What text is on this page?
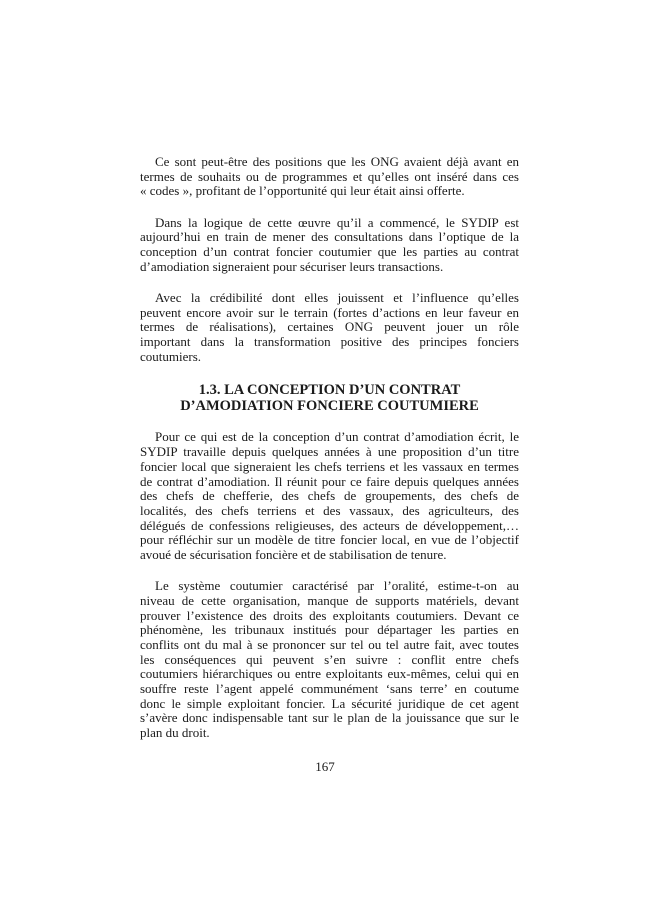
Ce sont peut-être des positions que les ONG avaient déjà avant en
termes de souhaits ou de programmes et qu’elles ont inséré dans ces
« codes », profitant de l’opportunité qui leur était ainsi offerte.

Dans la logique de cette œuvre qu’il a commencé, le SYDIP est
aujourd’hui en train de mener des consultations dans l’optique de la
conception d’un contrat foncier coutumier que les parties au contrat
d’amodiation signeraient pour sécuriser leurs transactions.

Avec la crédibilité dont elles jouissent et l’influence qu’elles
peuvent encore avoir sur le terrain (fortes d’actions en leur faveur en
termes de réalisations), certaines ONG peuvent jouer un rôle
important dans la transformation positive des principes fonciers
coutumiers.

1.3. LA CONCEPTION D’UN CONTRAT
D’AMODIATION FONCIERE COUTUMIERE

Pour ce qui est de la conception d’un contrat d’amodiation écrit, le
SYDIP travaille depuis quelques années à une proposition d’un titre
foncier local que signeraient les chefs terriens et les vassaux en termes
de contrat d’amodiation. Il réunit pour ce faire depuis quelques années
des chefs de chefferie, des chefs de groupements, des chefs de
localités, des chefs terriens et des vassaux, des agriculteurs, des
délégués de confessions religieuses, des acteurs de développement,…
pour réfléchir sur un modèle de titre foncier local, en vue de l’objectif
avoué de sécurisation foncière et de stabilisation de tenure.

Le système coutumier caractérisé par l’oralité, estime-t-on au
niveau de cette organisation, manque de supports matériels, devant
prouver l’existence des droits des exploitants coutumiers. Devant ce
phénomène, les tribunaux institués pour départager les parties en
conflits ont du mal à se prononcer sur tel ou tel autre fait, avec toutes
les conséquences qui peuvent s’en suivre : conflit entre chefs
coutumiers hiérarchiques ou entre exploitants eux-mêmes, celui qui en
souffre reste l’agent appelé communément ‘sans terre’ en coutume
donc le simple exploitant foncier. La sécurité juridique de cet agent
s’avère donc indispensable tant sur le plan de la jouissance que sur le
plan du droit.

167
